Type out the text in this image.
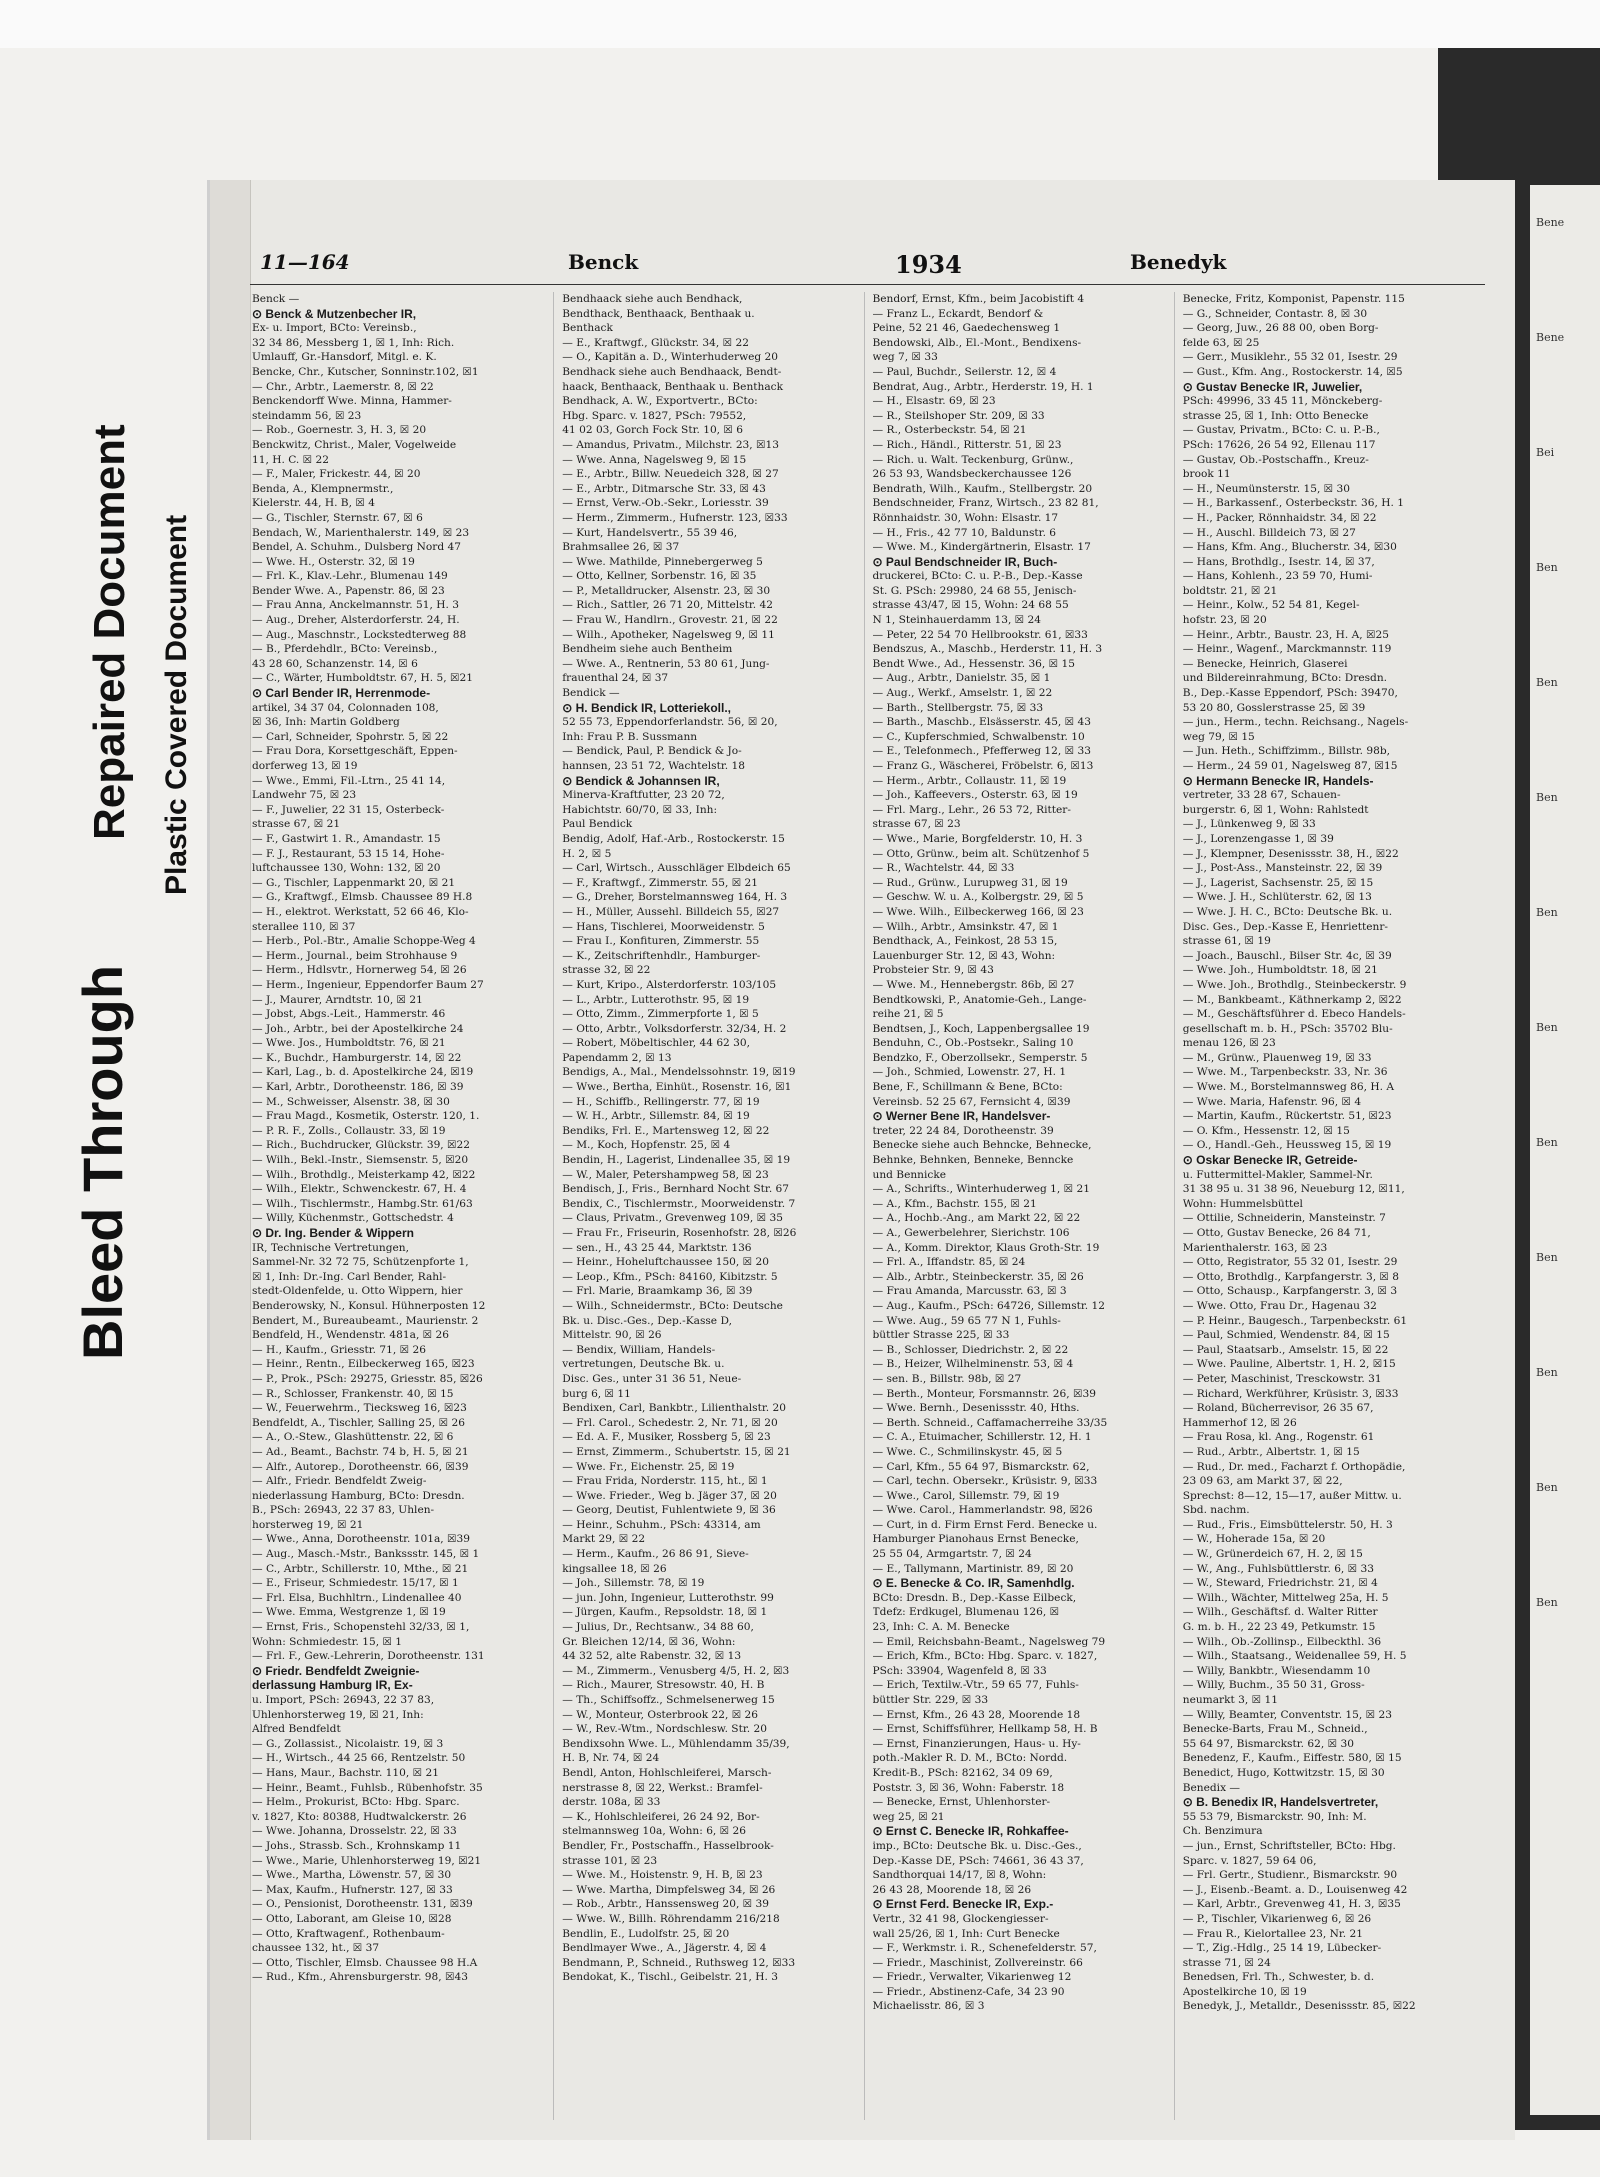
Bleed Through
Repaired Document Plastic Covered Document
Bene
Bene
Bei
Ben
Ben
Ben
Ben
Ben
Ben
Ben
Ben
Ben
Ben
11—164	Benck	1934	Benedyk
Benck —
⊙ Benck & Mutzenbecher IR,
Ex- u. Import, BCto: Vereinsb.,
32 34 86, Messberg 1, ☒ 1, Inh: Rich.
Umlauff, Gr.-Hansdorf, Mitgl. e. K.
Bencke, Chr., Kutscher, Sonninstr.102, ☒1
— Chr., Arbtr., Laemerstr. 8, ☒ 22
Benckendorff Wwe. Minna, Hammer-
steindamm 56, ☒ 23
— Rob., Goernestr. 3, H. 3, ☒ 20
Benckwitz, Christ., Maler, Vogelweide
11, H. C. ☒ 22
— F., Maler, Frickestr. 44, ☒ 20
Benda, A., Klempnermstr.,
Kielerstr. 44, H. B, ☒ 4
— G., Tischler, Sternstr. 67, ☒ 6
Bendach, W., Marienthalerstr. 149, ☒ 23
Bendel, A. Schuhm., Dulsberg Nord 47
— Wwe. H., Osterstr. 32, ☒ 19
— Frl. K., Klav.-Lehr., Blumenau 149
Bender Wwe. A., Papenstr. 86, ☒ 23
— Frau Anna, Anckelmannstr. 51, H. 3
— Aug., Dreher, Alsterdorferstr. 24, H.
— Aug., Maschnstr., Lockstedterweg 88
— B., Pferdehdlr., BCto: Vereinsb.,
43 28 60, Schanzenstr. 14, ☒ 6
— C., Wärter, Humboldtstr. 67, H. 5, ☒21
⊙ Carl Bender IR, Herrenmode-
artikel, 34 37 04, Colonnaden 108,
☒ 36, Inh: Martin Goldberg
— Carl, Schneider, Spohrstr. 5, ☒ 22
— Frau Dora, Korsettgeschäft, Eppen-
dorferweg 13, ☒ 19
— Wwe., Emmi, Fil.-Ltrn., 25 41 14,
Landwehr 75, ☒ 23
— F., Juwelier, 22 31 15, Osterbeck-
strasse 67, ☒ 21
— F., Gastwirt 1. R., Amandastr. 15
— F. J., Restaurant, 53 15 14, Hohe-
luftchaussee 130, Wohn: 132, ☒ 20
— G., Tischler, Lappenmarkt 20, ☒ 21
— G., Kraftwgf., Elmsb. Chaussee 89 H.8
— H., elektrot. Werkstatt, 52 66 46, Klo-
sterallee 110, ☒ 37
— Herb., Pol.-Btr., Amalie Schoppe-Weg 4
— Herm., Journal., beim Strohhause 9
— Herm., Hdlsvtr., Hornerweg 54, ☒ 26
— Herm., Ingenieur, Eppendorfer Baum 27
— J., Maurer, Arndtstr. 10, ☒ 21
— Jobst, Abgs.-Leit., Hammerstr. 46
— Joh., Arbtr., bei der Apostelkirche 24
— Wwe. Jos., Humboldtstr. 76, ☒ 21
— K., Buchdr., Hamburgerstr. 14, ☒ 22
— Karl, Lag., b. d. Apostelkirche 24, ☒19
— Karl, Arbtr., Dorotheenstr. 186, ☒ 39
— M., Schweisser, Alsenstr. 38, ☒ 30
— Frau Magd., Kosmetik, Osterstr. 120, 1.
— P. R. F., Zolls., Collaustr. 33, ☒ 19
— Rich., Buchdrucker, Glückstr. 39, ☒22
— Wilh., Bekl.-Instr., Siemsenstr. 5, ☒20
— Wilh., Brothdlg., Meisterkamp 42, ☒22
— Wilh., Elektr., Schwenckestr. 67, H. 4
— Wilh., Tischlermstr., Hambg.Str. 61/63
— Willy, Küchenmstr., Gottschedstr. 4
⊙ Dr. Ing. Bender & Wippern
IR, Technische Vertretungen,
Sammel-Nr. 32 72 75, Schützenpforte 1,
☒ 1, Inh: Dr.-Ing. Carl Bender, Rahl-
stedt-Oldenfelde, u. Otto Wippern, hier
Benderowsky, N., Konsul. Hühnerposten 12
Bendert, M., Bureaubeamt., Maurienstr. 2
Bendfeld, H., Wendenstr. 481a, ☒ 26
— H., Kaufm., Griesstr. 71, ☒ 26
— Heinr., Rentn., Eilbeckerweg 165, ☒23
— P., Prok., PSch: 29275, Griesstr. 85, ☒26
— R., Schlosser, Frankenstr. 40, ☒ 15
— W., Feuerwehrm., Tiecksweg 16, ☒23
Bendfeldt, A., Tischler, Salling 25, ☒ 26
— A., O.-Stew., Glashüttenstr. 22, ☒ 6
— Ad., Beamt., Bachstr. 74 b, H. 5, ☒ 21
— Alfr., Autorep., Dorotheenstr. 66, ☒39
— Alfr., Friedr. Bendfeldt Zweig-
niederlassung Hamburg, BCto: Dresdn.
B., PSch: 26943, 22 37 83, Uhlen-
horsterweg 19, ☒ 21
— Wwe., Anna, Dorotheenstr. 101a, ☒39
— Aug., Masch.-Mstr., Bankssstr. 145, ☒ 1
— C., Arbtr., Schillerstr. 10, Mthe., ☒ 21
— E., Friseur, Schmiedestr. 15/17, ☒ 1
— Frl. Elsa, Buchhltrn., Lindenallee 40
— Wwe. Emma, Westgrenze 1, ☒ 19
— Ernst, Fris., Schopenstehl 32/33, ☒ 1,
Wohn: Schmiedestr. 15, ☒ 1
— Frl. F., Gew.-Lehrerin, Dorotheenstr. 131
⊙ Friedr. Bendfeldt Zweignie-
derlassung Hamburg IR, Ex-
u. Import, PSch: 26943, 22 37 83,
Uhlenhorsterweg 19, ☒ 21, Inh:
Alfred Bendfeldt
— G., Zollassist., Nicolaistr. 19, ☒ 3
— H., Wirtsch., 44 25 66, Rentzelstr. 50
— Hans, Maur., Bachstr. 110, ☒ 21
— Heinr., Beamt., Fuhlsb., Rübenhofstr. 35
— Helm., Prokurist, BCto: Hbg. Sparc.
v. 1827, Kto: 80388, Hudtwalckerstr. 26
— Wwe. Johanna, Drosselstr. 22, ☒ 33
— Johs., Strassb. Sch., Krohnskamp 11
— Wwe., Marie, Uhlenhorsterweg 19, ☒21
— Wwe., Martha, Löwenstr. 57, ☒ 30
— Max, Kaufm., Hufnerstr. 127, ☒ 33
— O., Pensionist, Dorotheenstr. 131, ☒39
— Otto, Laborant, am Gleise 10, ☒28
— Otto, Kraftwagenf., Rothenbaum-
chaussee 132, ht., ☒ 37
— Otto, Tischler, Elmsb. Chaussee 98 H.A
— Rud., Kfm., Ahrensburgerstr. 98, ☒43
Bendhaack siehe auch Bendhack,
Bendthack, Benthaack, Benthaak u.
Benthack
— E., Kraftwgf., Glückstr. 34, ☒ 22
— O., Kapitän a. D., Winterhuderweg 20
Bendhack siehe auch Bendhaack, Bendt-
haack, Benthaack, Benthaak u. Benthack
Bendhack, A. W., Exportvertr., BCto:
Hbg. Sparc. v. 1827, PSch: 79552,
41 02 03, Gorch Fock Str. 10, ☒ 6
— Amandus, Privatm., Milchstr. 23, ☒13
— Wwe. Anna, Nagelsweg 9, ☒ 15
— E., Arbtr., Billw. Neuedeich 328, ☒ 27
— E., Arbtr., Ditmarsche Str. 33, ☒ 43
— Ernst, Verw.-Ob.-Sekr., Loriesstr. 39
— Herm., Zimmerm., Hufnerstr. 123, ☒33
— Kurt, Handelsvertr., 55 39 46,
Brahmsallee 26, ☒ 37
— Wwe. Mathilde, Pinnebergerweg 5
— Otto, Kellner, Sorbenstr. 16, ☒ 35
— P., Metalldrucker, Alsenstr. 23, ☒ 30
— Rich., Sattler, 26 71 20, Mittelstr. 42
— Frau W., Handlrn., Grovestr. 21, ☒ 22
— Wilh., Apotheker, Nagelsweg 9, ☒ 11
Bendheim siehe auch Bentheim
— Wwe. A., Rentnerin, 53 80 61, Jung-
frauenthal 24, ☒ 37
Bendick —
⊙ H. Bendick IR, Lotteriekoll.,
52 55 73, Eppendorferlandstr. 56, ☒ 20,
Inh: Frau P. B. Sussmann
— Bendick, Paul, P. Bendick & Jo-
hannsen, 23 51 72, Wachtelstr. 18
⊙ Bendick & Johannsen IR,
Minerva-Kraftfutter, 23 20 72,
Habichtstr. 60/70, ☒ 33, Inh:
Paul Bendick
Bendig, Adolf, Haf.-Arb., Rostockerstr. 15
H. 2, ☒ 5
— Carl, Wirtsch., Ausschläger Elbdeich 65
— F., Kraftwgf., Zimmerstr. 55, ☒ 21
— G., Dreher, Borstelmannsweg 164, H. 3
— H., Müller, Aussehl. Billdeich 55, ☒27
— Hans, Tischlerei, Moorweidenstr. 5
— Frau I., Konfituren, Zimmerstr. 55
— K., Zeitschriftenhdlr., Hamburger-
strasse 32, ☒ 22
— Kurt, Kripo., Alsterdorferstr. 103/105
— L., Arbtr., Lutterothstr. 95, ☒ 19
— Otto, Zimm., Zimmerpforte 1, ☒ 5
— Otto, Arbtr., Volksdorferstr. 32/34, H. 2
— Robert, Möbeltischler, 44 62 30,
Papendamm 2, ☒ 13
Bendigs, A., Mal., Mendelssohnstr. 19, ☒19
— Wwe., Bertha, Einhüt., Rosenstr. 16, ☒1
— H., Schiffb., Rellingerstr. 77, ☒ 19
— W. H., Arbtr., Sillemstr. 84, ☒ 19
Bendiks, Frl. E., Martensweg 12, ☒ 22
— M., Koch, Hopfenstr. 25, ☒ 4
Bendin, H., Lagerist, Lindenallee 35, ☒ 19
— W., Maler, Petershampweg 58, ☒ 23
Bendisch, J., Fris., Bernhard Nocht Str. 67
Bendix, C., Tischlermstr., Moorweidenstr. 7
— Claus, Privatm., Grevenweg 109, ☒ 35
— Frau Fr., Friseurin, Rosenhofstr. 28, ☒26
— sen., H., 43 25 44, Marktstr. 136
— Heinr., Hoheluftchaussee 150, ☒ 20
— Leop., Kfm., PSch: 84160, Kibitzstr. 5
— Frl. Marie, Braamkamp 36, ☒ 39
— Wilh., Schneidermstr., BCto: Deutsche
Bk. u. Disc.-Ges., Dep.-Kasse D,
Mittelstr. 90, ☒ 26
— Bendix, William, Handels-
vertretungen, Deutsche Bk. u.
Disc. Ges., unter 31 36 51, Neue-
burg 6, ☒ 11
Bendixen, Carl, Bankbtr., Lilienthalstr. 20
— Frl. Carol., Schedestr. 2, Nr. 71, ☒ 20
— Ed. A. F., Musiker, Rossberg 5, ☒ 23
— Ernst, Zimmerm., Schubertstr. 15, ☒ 21
— Wwe. Fr., Eichenstr. 25, ☒ 19
— Frau Frida, Norderstr. 115, ht., ☒ 1
— Wwe. Frieder., Weg b. Jäger 37, ☒ 20
— Georg, Deutist, Fuhlentwiete 9, ☒ 36
— Heinr., Schuhm., PSch: 43314, am
Markt 29, ☒ 22
— Herm., Kaufm., 26 86 91, Sieve-
kingsallee 18, ☒ 26
— Joh., Sillemstr. 78, ☒ 19
— jun. John, Ingenieur, Lutterothstr. 99
— Jürgen, Kaufm., Repsoldstr. 18, ☒ 1
— Julius, Dr., Rechtsanw., 34 88 60,
Gr. Bleichen 12/14, ☒ 36, Wohn:
44 32 52, alte Rabenstr. 32, ☒ 13
— M., Zimmerm., Venusberg 4/5, H. 2, ☒3
— Rich., Maurer, Stresowstr. 40, H. B
— Th., Schiffsoffz., Schmelsenerweg 15
— W., Monteur, Osterbrook 22, ☒ 26
— W., Rev.-Wtm., Nordschlesw. Str. 20
Bendixsohn Wwe. L., Mühlendamm 35/39,
H. B, Nr. 74, ☒ 24
Bendl, Anton, Hohlschleiferei, Marsch-
nerstrasse 8, ☒ 22, Werkst.: Bramfel-
derstr. 108a, ☒ 33
— K., Hohlschleiferei, 26 24 92, Bor-
stelmannsweg 10a, Wohn: 6, ☒ 26
Bendler, Fr., Postschaffn., Hasselbrook-
strasse 101, ☒ 23
— Wwe. M., Hoistenstr. 9, H. B, ☒ 23
— Wwe. Martha, Dimpfelsweg 34, ☒ 26
— Rob., Arbtr., Hanssensweg 20, ☒ 39
— Wwe. W., Billh. Röhrendamm 216/218
Bendlin, E., Ludolfstr. 25, ☒ 20
Bendlmayer Wwe., A., Jägerstr. 4, ☒ 4
Bendmann, P., Schneid., Ruthsweg 12, ☒33
Bendokat, K., Tischl., Geibelstr. 21, H. 3
Bendorf, Ernst, Kfm., beim Jacobistift 4
— Franz L., Eckardt, Bendorf &
Peine, 52 21 46, Gaedechensweg 1
Bendowski, Alb., El.-Mont., Bendixens-
weg 7, ☒ 33
— Paul, Buchdr., Seilerstr. 12, ☒ 4
Bendrat, Aug., Arbtr., Herderstr. 19, H. 1
— H., Elsastr. 69, ☒ 23
— R., Steilshoper Str. 209, ☒ 33
— R., Osterbeckstr. 54, ☒ 21
— Rich., Händl., Ritterstr. 51, ☒ 23
— Rich. u. Walt. Teckenburg, Grünw.,
26 53 93, Wandsbeckerchaussee 126
Bendrath, Wilh., Kaufm., Stellbergstr. 20
Bendschneider, Franz, Wirtsch., 23 82 81,
Rönnhaidstr. 30, Wohn: Elsastr. 17
— H., Fris., 42 77 10, Baldunstr. 6
— Wwe. M., Kindergärtnerin, Elsastr. 17
⊙ Paul Bendschneider IR, Buch-
druckerei, BCto: C. u. P.-B., Dep.-Kasse
St. G. PSch: 29980, 24 68 55, Jenisch-
strasse 43/47, ☒ 15, Wohn: 24 68 55
N 1, Steinhauerdamm 13, ☒ 24
— Peter, 22 54 70 Hellbrookstr. 61, ☒33
Bendszus, A., Maschb., Herderstr. 11, H. 3
Bendt Wwe., Ad., Hessenstr. 36, ☒ 15
— Aug., Arbtr., Danielstr. 35, ☒ 1
— Aug., Werkf., Amselstr. 1, ☒ 22
— Barth., Stellbergstr. 75, ☒ 33
— Barth., Maschb., Elsässerstr. 45, ☒ 43
— C., Kupferschmied, Schwalbenstr. 10
— E., Telefonmech., Pfefferweg 12, ☒ 33
— Franz G., Wäscherei, Fröbelstr. 6, ☒13
— Herm., Arbtr., Collaustr. 11, ☒ 19
— Joh., Kaffeevers., Osterstr. 63, ☒ 19
— Frl. Marg., Lehr., 26 53 72, Ritter-
strasse 67, ☒ 23
— Wwe., Marie, Borgfelderstr. 10, H. 3
— Otto, Grünw., beim alt. Schützenhof 5
— R., Wachtelstr. 44, ☒ 33
— Rud., Grünw., Lurupweg 31, ☒ 19
— Geschw. W. u. A., Kolbergstr. 29, ☒ 5
— Wwe. Wilh., Eilbeckerweg 166, ☒ 23
— Wilh., Arbtr., Amsinkstr. 47, ☒ 1
Bendthack, A., Feinkost, 28 53 15,
Lauenburger Str. 12, ☒ 43, Wohn:
Probsteier Str. 9, ☒ 43
— Wwe. M., Hennebergstr. 86b, ☒ 27
Bendtkowski, P., Anatomie-Geh., Lange-
reihe 21, ☒ 5
Bendtsen, J., Koch, Lappenbergsallee 19
Benduhn, C., Ob.-Postsekr., Saling 10
Bendzko, F., Oberzollsekr., Semperstr. 5
— Joh., Schmied, Lowenstr. 27, H. 1
Bene, F., Schillmann & Bene, BCto:
Vereinsb. 52 25 67, Fernsicht 4, ☒39
⊙ Werner Bene IR, Handelsver-
treter, 22 24 84, Dorotheenstr. 39
Benecke siehe auch Behncke, Behnecke,
Behnke, Behnken, Benneke, Benncke
und Bennicke
— A., Schrifts., Winterhuderweg 1, ☒ 21
— A., Kfm., Bachstr. 155, ☒ 21
— A., Hochb.-Ang., am Markt 22, ☒ 22
— A., Gewerbelehrer, Sierichstr. 106
— A., Komm. Direktor, Klaus Groth-Str. 19
— Frl. A., Iffandstr. 85, ☒ 24
— Alb., Arbtr., Steinbeckerstr. 35, ☒ 26
— Frau Amanda, Marcusstr. 63, ☒ 3
— Aug., Kaufm., PSch: 64726, Sillemstr. 12
— Wwe. Aug., 59 65 77 N 1, Fuhls-
büttler Strasse 225, ☒ 33
— B., Schlosser, Diedrichstr. 2, ☒ 22
— B., Heizer, Wilhelminenstr. 53, ☒ 4
— sen. B., Billstr. 98b, ☒ 27
— Berth., Monteur, Forsmannstr. 26, ☒39
— Wwe. Bernh., Desenissstr. 40, Hths.
— Berth. Schneid., Caffamacherreihe 33/35
— C. A., Etuimacher, Schillerstr. 12, H. 1
— Wwe. C., Schmilinskystr. 45, ☒ 5
— Carl, Kfm., 55 64 97, Bismarckstr. 62,
— Carl, techn. Obersekr., Krüsistr. 9, ☒33
— Wwe., Carol, Sillemstr. 79, ☒ 19
— Wwe. Carol., Hammerlandstr. 98, ☒26
— Curt, in d. Firm Ernst Ferd. Benecke u.
Hamburger Pianohaus Ernst Benecke,
25 55 04, Armgartstr. 7, ☒ 24
— E., Tallymann, Martinistr. 89, ☒ 20
⊙ E. Benecke & Co. IR, Samenhdlg.
BCto: Dresdn. B., Dep.-Kasse Eilbeck,
Tdefz: Erdkugel, Blumenau 126, ☒
23, Inh: C. A. M. Benecke
— Emil, Reichsbahn-Beamt., Nagelsweg 79
— Erich, Kfm., BCto: Hbg. Sparc. v. 1827,
PSch: 33904, Wagenfeld 8, ☒ 33
— Erich, Textilw.-Vtr., 59 65 77, Fuhls-
büttler Str. 229, ☒ 33
— Ernst, Kfm., 26 43 28, Moorende 18
— Ernst, Schiffsführer, Hellkamp 58, H. B
— Ernst, Finanzierungen, Haus- u. Hy-
poth.-Makler R. D. M., BCto: Nordd.
Kredit-B., PSch: 82162, 34 09 69,
Poststr. 3, ☒ 36, Wohn: Faberstr. 18
— Benecke, Ernst, Uhlenhorster-
weg 25, ☒ 21
⊙ Ernst C. Benecke IR, Rohkaffee-
imp., BCto: Deutsche Bk. u. Disc.-Ges.,
Dep.-Kasse DE, PSch: 74661, 36 43 37,
Sandthorquai 14/17, ☒ 8, Wohn:
26 43 28, Moorende 18, ☒ 26
⊙ Ernst Ferd. Benecke IR, Exp.-
Vertr., 32 41 98, Glockengiesser-
wall 25/26, ☒ 1, Inh: Curt Benecke
— F., Werkmstr. i. R., Schenefelderstr. 57,
— Friedr., Maschinist, Zollvereinstr. 66
— Friedr., Verwalter, Vikarienweg 12
— Friedr., Abstinenz-Cafe, 34 23 90
Michaelisstr. 86, ☒ 3
Benecke, Fritz, Komponist, Papenstr. 115
— G., Schneider, Contastr. 8, ☒ 30
— Georg, Juw., 26 88 00, oben Borg-
felde 63, ☒ 25
— Gerr., Musiklehr., 55 32 01, Isestr. 29
— Gust., Kfm. Ang., Rostockerstr. 14, ☒5
⊙ Gustav Benecke IR, Juwelier,
PSch: 49996, 33 45 11, Mönckeberg-
strasse 25, ☒ 1, Inh: Otto Benecke
— Gustav, Privatm., BCto: C. u. P.-B.,
PSch: 17626, 26 54 92, Ellenau 117
— Gustav, Ob.-Postschaffn., Kreuz-
brook 11
— H., Neumünsterstr. 15, ☒ 30
— H., Barkassenf., Osterbeckstr. 36, H. 1
— H., Packer, Rönnhaidstr. 34, ☒ 22
— H., Auschl. Billdeich 73, ☒ 27
— Hans, Kfm. Ang., Blucherstr. 34, ☒30
— Hans, Brothdlg., Isestr. 14, ☒ 37,
— Hans, Kohlenh., 23 59 70, Humi-
boldtstr. 21, ☒ 21
— Heinr., Kolw., 52 54 81, Kegel-
hofstr. 23, ☒ 20
— Heinr., Arbtr., Baustr. 23, H. A, ☒25
— Heinr., Wagenf., Marckmannstr. 119
— Benecke, Heinrich, Glaserei
und Bildereinrahmung, BCto: Dresdn.
B., Dep.-Kasse Eppendorf, PSch: 39470,
53 20 80, Gosslerstrasse 25, ☒ 39
— jun., Herm., techn. Reichsang., Nagels-
weg 79, ☒ 15
— Jun. Heth., Schiffzimm., Billstr. 98b,
— Herm., 24 59 01, Nagelsweg 87, ☒15
⊙ Hermann Benecke IR, Handels-
vertreter, 33 28 67, Schauen-
burgerstr. 6, ☒ 1, Wohn: Rahlstedt
— J., Lünkenweg 9, ☒ 33
— J., Lorenzengasse 1, ☒ 39
— J., Klempner, Desenissstr. 38, H., ☒22
— J., Post-Ass., Mansteinstr. 22, ☒ 39
— J., Lagerist, Sachsenstr. 25, ☒ 15
— Wwe. J. H., Schlüterstr. 62, ☒ 13
— Wwe. J. H. C., BCto: Deutsche Bk. u.
Disc. Ges., Dep.-Kasse E, Henriettenr-
strasse 61, ☒ 19
— Joach., Bauschl., Bilser Str. 4c, ☒ 39
— Wwe. Joh., Humboldtstr. 18, ☒ 21
— Wwe. Joh., Brothdlg., Steinbeckerstr. 9
— M., Bankbeamt., Käthnerkamp 2, ☒22
— M., Geschäftsführer d. Ebeco Handels-
gesellschaft m. b. H., PSch: 35702 Blu-
menau 126, ☒ 23
— M., Grünw., Plauenweg 19, ☒ 33
— Wwe. M., Tarpenbeckstr. 33, Nr. 36
— Wwe. M., Borstelmannsweg 86, H. A
— Wwe. Maria, Hafenstr. 96, ☒ 4
— Martin, Kaufm., Rückertstr. 51, ☒23
— O. Kfm., Hessenstr. 12, ☒ 15
— O., Handl.-Geh., Heussweg 15, ☒ 19
⊙ Oskar Benecke IR, Getreide-
u. Futtermittel-Makler, Sammel-Nr.
31 38 95 u. 31 38 96, Neueburg 12, ☒11,
Wohn: Hummelsbüttel
— Ottilie, Schneiderin, Mansteinstr. 7
— Otto, Gustav Benecke, 26 84 71,
Marienthalerstr. 163, ☒ 23
— Otto, Registrator, 55 32 01, Isestr. 29
— Otto, Brothdlg., Karpfangerstr. 3, ☒ 8
— Otto, Schausp., Karpfangerstr. 3, ☒ 3
— Wwe. Otto, Frau Dr., Hagenau 32
— P. Heinr., Baugesch., Tarpenbeckstr. 61
— Paul, Schmied, Wendenstr. 84, ☒ 15
— Paul, Staatsarb., Amselstr. 15, ☒ 22
— Wwe. Pauline, Albertstr. 1, H. 2, ☒15
— Peter, Maschinist, Tresckowstr. 31
— Richard, Werkführer, Krüsistr. 3, ☒33
— Roland, Bücherrevisor, 26 35 67,
Hammerhof 12, ☒ 26
— Frau Rosa, kl. Ang., Rogenstr. 61
— Rud., Arbtr., Albertstr. 1, ☒ 15
— Rud., Dr. med., Facharzt f. Orthopädie,
23 09 63, am Markt 37, ☒ 22,
Sprechst: 8—12, 15—17, außer Mittw. u.
Sbd. nachm.
— Rud., Fris., Eimsbüttelerstr. 50, H. 3
— W., Hoherade 15a, ☒ 20
— W., Grünerdeich 67, H. 2, ☒ 15
— W., Ang., Fuhlsbüttlerstr. 6, ☒ 33
— W., Steward, Friedrichstr. 21, ☒ 4
— Wilh., Wächter, Mittelweg 25a, H. 5
— Wilh., Geschäftsf. d. Walter Ritter
G. m. b. H., 22 23 49, Petkumstr. 15
— Wilh., Ob.-Zollinsp., Eilbeckthl. 36
— Wilh., Staatsang., Weidenallee 59, H. 5
— Willy, Bankbtr., Wiesendamm 10
— Willy, Buchm., 35 50 31, Gross-
neumarkt 3, ☒ 11
— Willy, Beamter, Conventstr. 15, ☒ 23
Benecke-Barts, Frau M., Schneid.,
55 64 97, Bismarckstr. 62, ☒ 30
Benedenz, F., Kaufm., Eiffestr. 580, ☒ 15
Benedict, Hugo, Kottwitzstr. 15, ☒ 30
Benedix —
⊙ B. Benedix IR, Handelsvertreter,
55 53 79, Bismarckstr. 90, Inh: M.
Ch. Benzimura
— jun., Ernst, Schriftsteller, BCto: Hbg.
Sparc. v. 1827, 59 64 06,
— Frl. Gertr., Studienr., Bismarckstr. 90
— J., Eisenb.-Beamt. a. D., Louisenweg 42
— Karl, Arbtr., Grevenweg 41, H. 3, ☒35
— P., Tischler, Vikarienweg 6, ☒ 26
— Frau R., Kielortallee 23, Nr. 21
— T., Zig.-Hdlg., 25 14 19, Lübecker-
strasse 71, ☒ 24
Benedsen, Frl. Th., Schwester, b. d.
Apostelkirche 10, ☒ 19
Benedyk, J., Metalldr., Desenissstr. 85, ☒22
